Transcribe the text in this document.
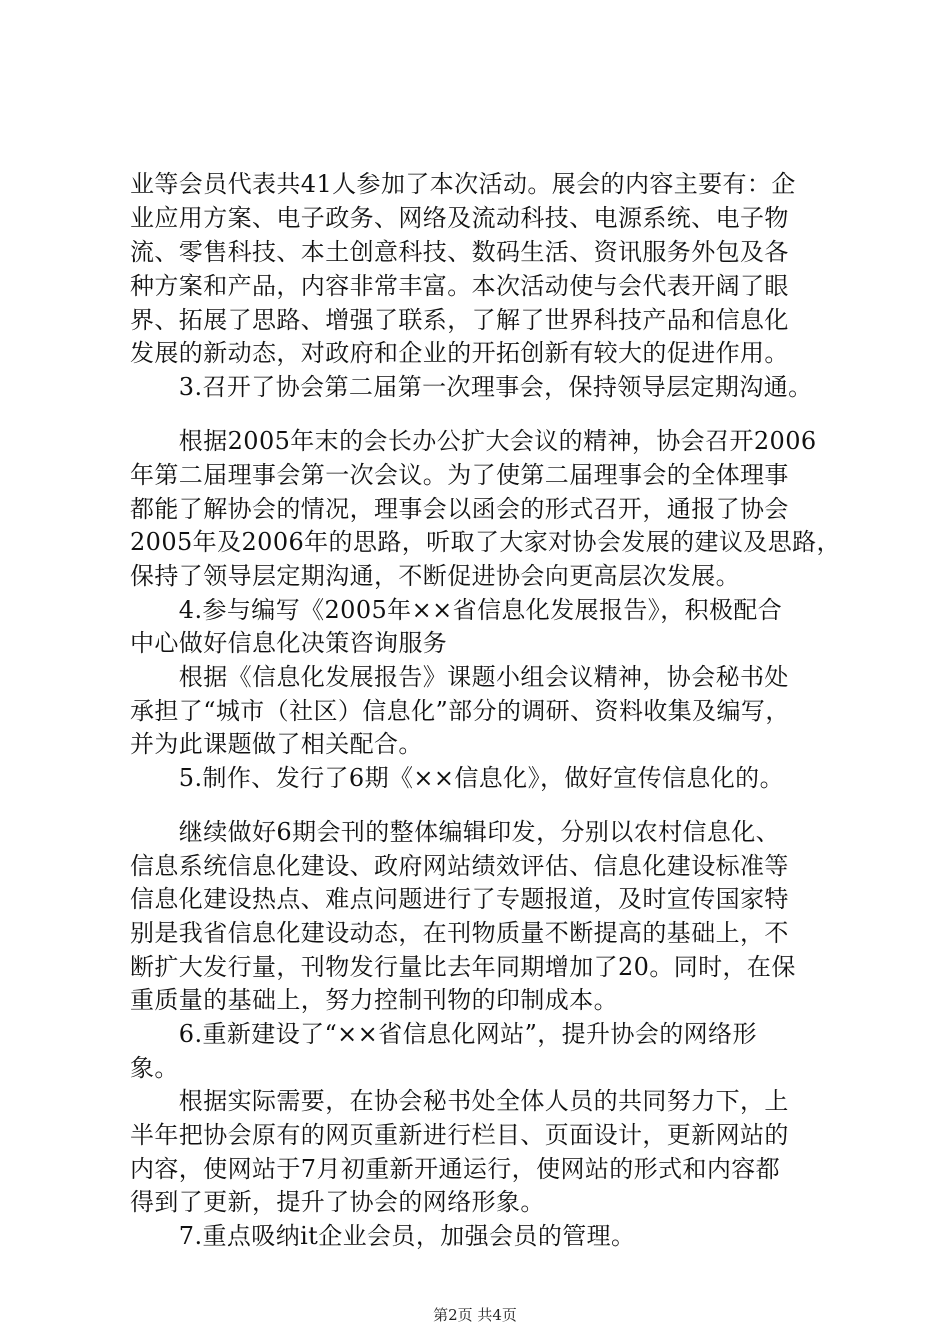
业等会员代表共41人参加了本次活动。展会的内容主要有：企
业应用方案、电子政务、网络及流动科技、电源系统、电子物
流、零售科技、本土创意科技、数码生活、资讯服务外包及各
种方案和产品，内容非常丰富。本次活动使与会代表开阔了眼
界、拓展了思路、增强了联系，了解了世界科技产品和信息化
发展的新动态，对政府和企业的开拓创新有较大的促进作用。
　　3.召开了协会第二届第一次理事会，保持领导层定期沟通。
　　根据2005年末的会长办公扩大会议的精神，协会召开2006
年第二届理事会第一次会议。为了使第二届理事会的全体理事
都能了解协会的情况，理事会以函会的形式召开，通报了协会
2005年及2006年的思路，听取了大家对协会发展的建议及思路，
保持了领导层定期沟通，不断促进协会向更高层次发展。
　　4.参与编写《2005年××省信息化发展报告》，积极配合
中心做好信息化决策咨询服务
　　根据《信息化发展报告》课题小组会议精神，协会秘书处
承担了“城市（社区）信息化”部分的调研、资料收集及编写，
并为此课题做了相关配合。
　　5.制作、发行了6期《××信息化》，做好宣传信息化的。
　　继续做好6期会刊的整体编辑印发，分别以农村信息化、
信息系统信息化建设、政府网站绩效评估、信息化建设标准等
信息化建设热点、难点问题进行了专题报道，及时宣传国家特
别是我省信息化建设动态，在刊物质量不断提高的基础上，不
断扩大发行量，刊物发行量比去年同期增加了20。同时，在保
重质量的基础上，努力控制刊物的印制成本。
　　6.重新建设了“××省信息化网站”，提升协会的网络形
象。
　　根据实际需要，在协会秘书处全体人员的共同努力下，上
半年把协会原有的网页重新进行栏目、页面设计，更新网站的
内容，使网站于7月初重新开通运行，使网站的形式和内容都
得到了更新，提升了协会的网络形象。
　　7.重点吸纳it企业会员，加强会员的管理。
第2页 共4页
